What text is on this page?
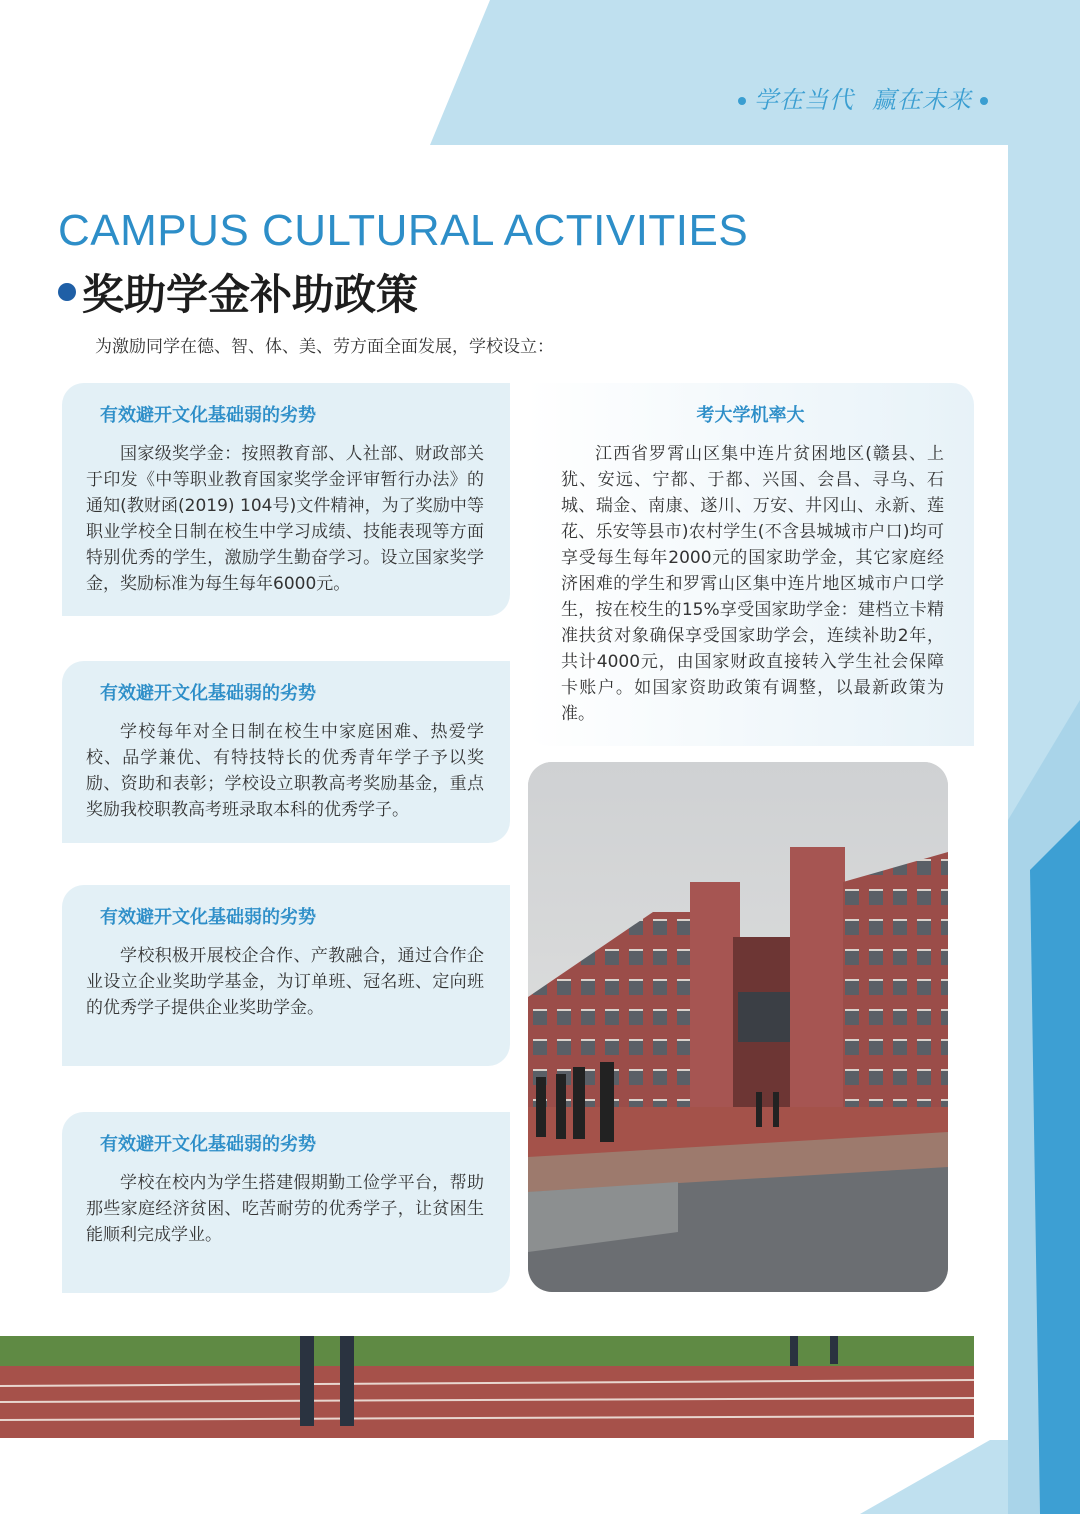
学在当代 赢在未来
CAMPUS CULTURAL ACTIVITIES
奖助学金补助政策
为激励同学在德、智、体、美、劳方面全面发展，学校设立：
有效避开文化基础弱的劣势
国家级奖学金：按照教育部、人社部、财政部关于印发《中等职业教育国家奖学金评审暂行办法》的通知(教财函(2019) 104号)文件精神，为了奖励中等职业学校全日制在校生中学习成绩、技能表现等方面特别优秀的学生，激励学生勤奋学习。设立国家奖学金，奖励标准为每生每年6000元。
有效避开文化基础弱的劣势
学校每年对全日制在校生中家庭困难、热爱学校、品学兼优、有特技特长的优秀青年学子予以奖励、资助和表彰；学校设立职教高考奖励基金，重点奖励我校职教高考班录取本科的优秀学子。
有效避开文化基础弱的劣势
学校积极开展校企合作、产教融合，通过合作企业设立企业奖助学基金，为订单班、冠名班、定向班的优秀学子提供企业奖助学金。
有效避开文化基础弱的劣势
学校在校内为学生搭建假期勤工俭学平台，帮助那些家庭经济贫困、吃苦耐劳的优秀学子，让贫困生能顺利完成学业。
考大学机率大
江西省罗霄山区集中连片贫困地区(赣县、上犹、安远、宁都、于都、兴国、会昌、寻乌、石城、瑞金、南康、遂川、万安、井冈山、永新、莲花、乐安等县市)农村学生(不含县城城市户口)均可享受每生每年2000元的国家助学金，其它家庭经济困难的学生和罗霄山区集中连片地区城市户口学生，按在校生的15%享受国家助学金：建档立卡精准扶贫对象确保享受国家助学会，连续补助2年，共计4000元，由国家财政直接转入学生社会保障卡账户。如国家资助政策有调整，以最新政策为准。
